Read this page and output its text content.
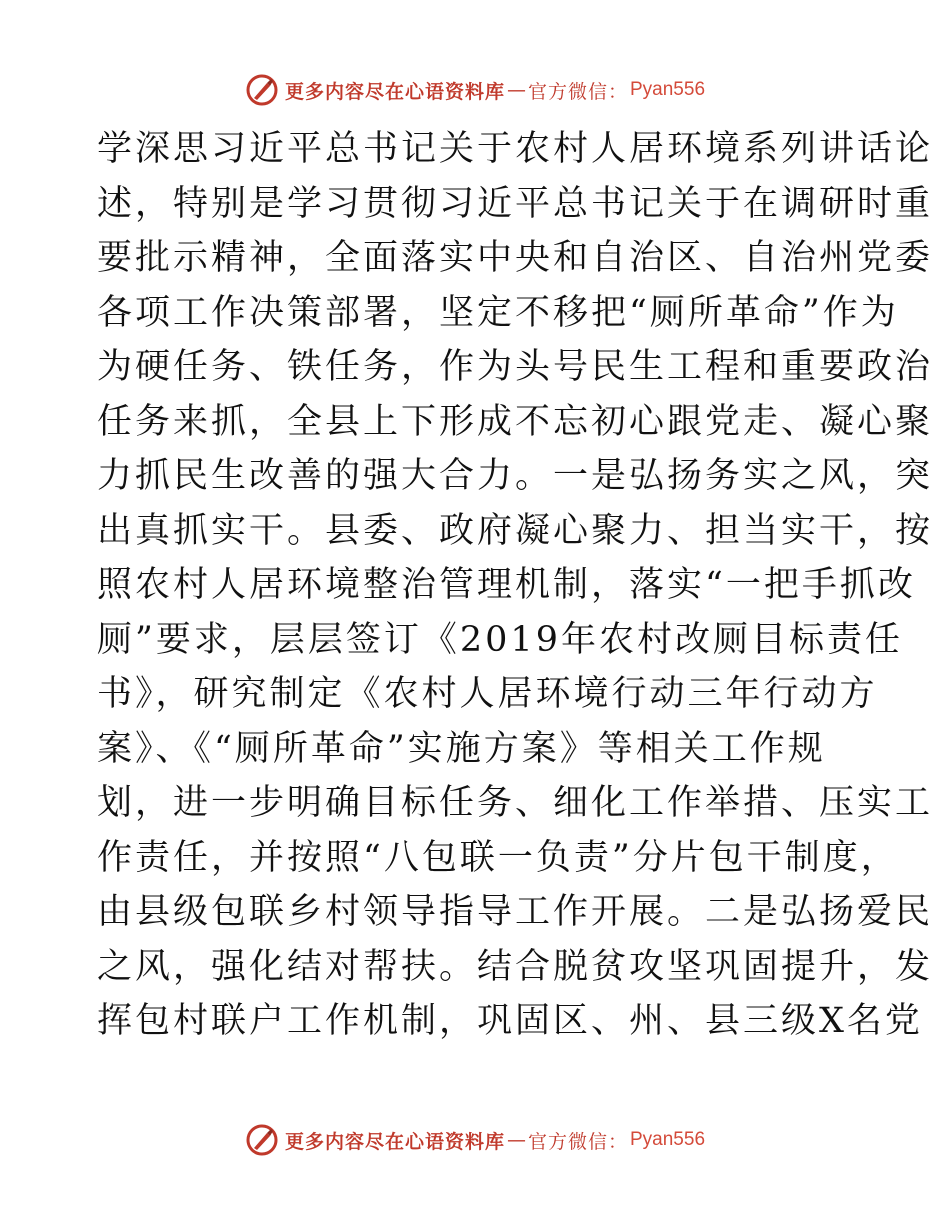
更多内容尽在心语资料库 — 官方微信： Pyan556
学深思习近平总书记关于农村人居环境系列讲话论
述，特别是学习贯彻习近平总书记关于在调研时重
要批示精神，全面落实中央和自治区、自治州党委
各项工作决策部署，坚定不移把“厕所革命”作为
为硬任务、铁任务，作为头号民生工程和重要政治
任务来抓，全县上下形成不忘初心跟党走、凝心聚
力抓民生改善的强大合力。一是弘扬务实之风，突
出真抓实干。县委、政府凝心聚力、担当实干，按
照农村人居环境整治管理机制，落实“一把手抓改
厕”要求，层层签订《2019年农村改厕目标责任
书》，研究制定《农村人居环境行动三年行动方
案》、《“厕所革命”实施方案》等相关工作规
划，进一步明确目标任务、细化工作举措、压实工
作责任，并按照“八包联一负责”分片包干制度，
由县级包联乡村领导指导工作开展。二是弘扬爱民
之风，强化结对帮扶。结合脱贫攻坚巩固提升，发
挥包村联户工作机制，巩固区、州、县三级X名党
更多内容尽在心语资料库 — 官方微信： Pyan556
